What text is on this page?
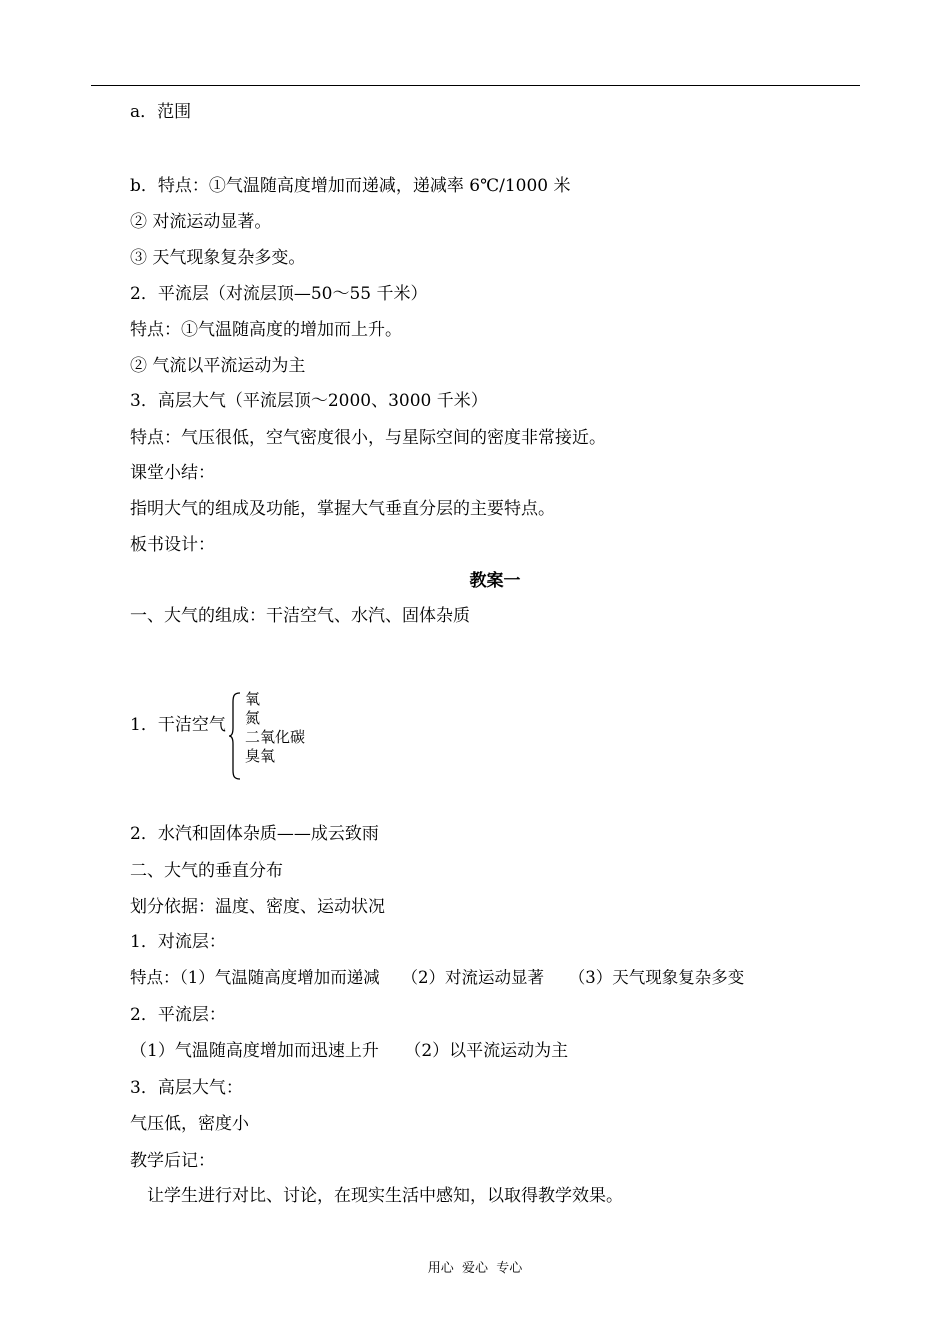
a．范围
b．特点：①气温随高度增加而递减，递减率 6℃/1000 米
② 对流运动显著。
③ 天气现象复杂多变。
2．平流层（对流层顶—50～55 千米）
特点：①气温随高度的增加而上升。
② 气流以平流运动为主
3．高层大气（平流层顶～2000、3000 千米）
特点：气压很低，空气密度很小，与星际空间的密度非常接近。
课堂小结：
指明大气的组成及功能，掌握大气垂直分层的主要特点。
板书设计：
教案一
一、大气的组成：干洁空气、水汽、固体杂质
1．干洁空气
氧
氮
二氧化碳
臭氧
2．水汽和固体杂质——成云致雨
二、大气的垂直分布
划分依据：温度、密度、运动状况
1．对流层：
特点：（1）气温随高度增加而递减　 （2）对流运动显著　　（3）天气现象复杂多变
2．平流层：
（1）气温随高度增加而迅速上升　　（2）以平流运动为主
3．高层大气：
气压低，密度小
教学后记：
　让学生进行对比、讨论，在现实生活中感知，以取得教学效果。
用心  爱心  专心
